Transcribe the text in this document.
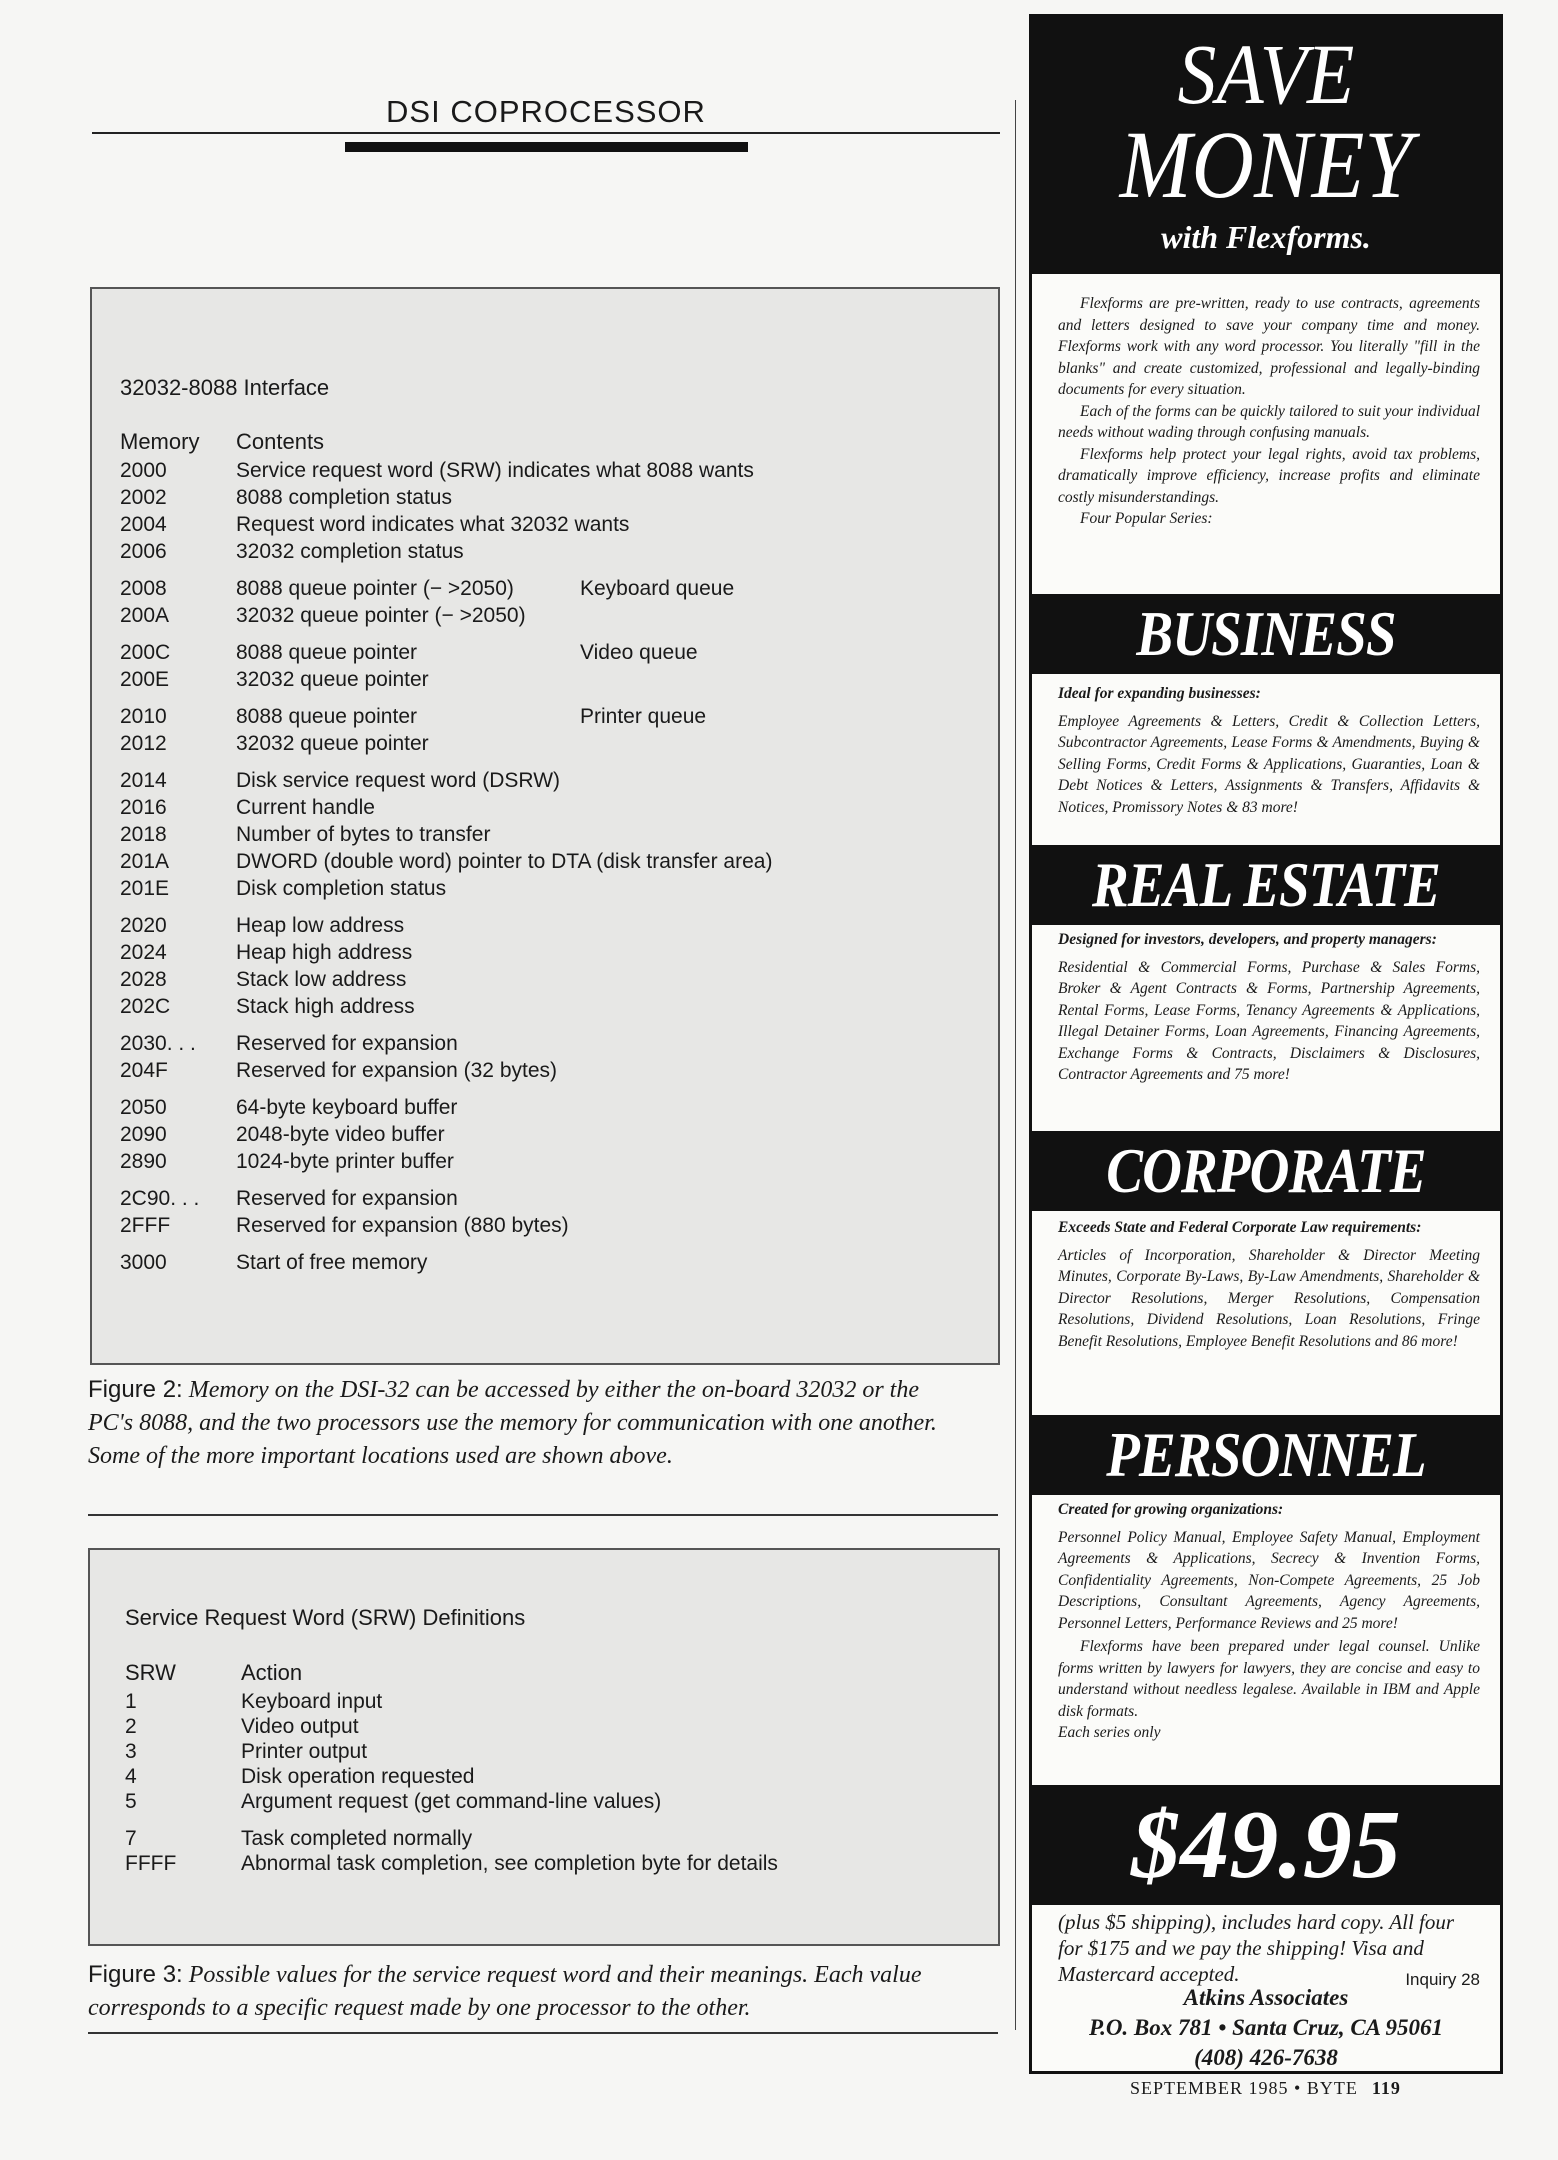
DSI COPROCESSOR
32032-8088 Interface
Memory Contents
2000	Service request word (SRW) indicates what 8088 wants
2002	8088 completion status
2004	Request word indicates what 32032 wants
2006	32032 completion status
2008	8088 queue pointer (− >2050)	Keyboard queue
200A	32032 queue pointer (− >2050)
200C	8088 queue pointer	Video queue
200E	32032 queue pointer
2010	8088 queue pointer	Printer queue
2012	32032 queue pointer
2014	Disk service request word (DSRW)
2016	Current handle
2018	Number of bytes to transfer
201A	DWORD (double word) pointer to DTA (disk transfer area)
201E	Disk completion status
2020	Heap low address
2024	Heap high address
2028	Stack low address
202C	Stack high address
2030. . . Reserved for expansion
204F	Reserved for expansion (32 bytes)
2050	64-byte keyboard buffer
2090	2048-byte video buffer
2890	1024-byte printer buffer
2C90. . . Reserved for expansion
2FFF	Reserved for expansion (880 bytes)
3000	Start of free memory
Figure 2: Memory on the DSI-32 can be accessed by either the on-board 32032 or the PC's 8088, and the two processors use the memory for communication with one another. Some of the more important locations used are shown above.
Service Request Word (SRW) Definitions
SRW	Action
1	Keyboard input
2	Video output
3	Printer output
4	Disk operation requested
5	Argument request (get command-line values)
7	Task completed normally
FFFF	Abnormal task completion, see completion byte for details
Figure 3: Possible values for the service request word and their meanings. Each value corresponds to a specific request made by one processor to the other.
SAVE
MONEY
with Flexforms.

Flexforms are pre-written, ready to use contracts, agreements and letters designed to save your company time and money. Flexforms work with any word processor. You literally "fill in the blanks" and create customized, professional and legally-binding documents for every situation.

Each of the forms can be quickly tailored to suit your individual needs without wading through confusing manuals.

Flexforms help protect your legal rights, avoid tax problems, dramatically improve efficiency, increase profits and eliminate costly misunderstandings.

Four Popular Series:

BUSINESS

Ideal for expanding businesses:

Employee Agreements & Letters, Credit & Collection Letters, Subcontractor Agreements, Lease Forms & Amendments, Buying & Selling Forms, Credit Forms & Applications, Guaranties, Loan & Debt Notices & Letters, Assignments & Transfers, Affidavits & Notices, Promissory Notes & 83 more!

REAL ESTATE

Designed for investors, developers, and property managers:

Residential & Commercial Forms, Purchase & Sales Forms, Broker & Agent Contracts & Forms, Partnership Agreements, Rental Forms, Lease Forms, Tenancy Agreements & Applications, Illegal Detainer Forms, Loan Agreements, Financing Agreements, Exchange Forms & Contracts, Disclaimers & Disclosures, Contractor Agreements and 75 more!

CORPORATE

Exceeds State and Federal Corporate Law requirements:

Articles of Incorporation, Shareholder & Director Meeting Minutes, Corporate By-Laws, By-Law Amendments, Shareholder & Director Resolutions, Merger Resolutions, Compensation Resolutions, Dividend Resolutions, Loan Resolutions, Fringe Benefit Resolutions, Employee Benefit Resolutions and 86 more!

PERSONNEL

Created for growing organizations:

Personnel Policy Manual, Employee Safety Manual, Employment Agreements & Applications, Secrecy & Invention Forms, Confidentiality Agreements, Non-Compete Agreements, 25 Job Descriptions, Consultant Agreements, Agency Agreements, Personnel Letters, Performance Reviews and 25 more!

Flexforms have been prepared under legal counsel. Unlike forms written by lawyers for lawyers, they are concise and easy to understand without needless legalese. Available in IBM and Apple disk formats.

Each series only

$49.95
(plus $5 shipping), includes hard copy. All four for $175 and we pay the shipping! Visa and Mastercard accepted.	Inquiry 28
Atkins Associates
P.O. Box 781 • Santa Cruz, CA 95061
(408) 426-7638
SEPTEMBER 1985 • BYTE 119
